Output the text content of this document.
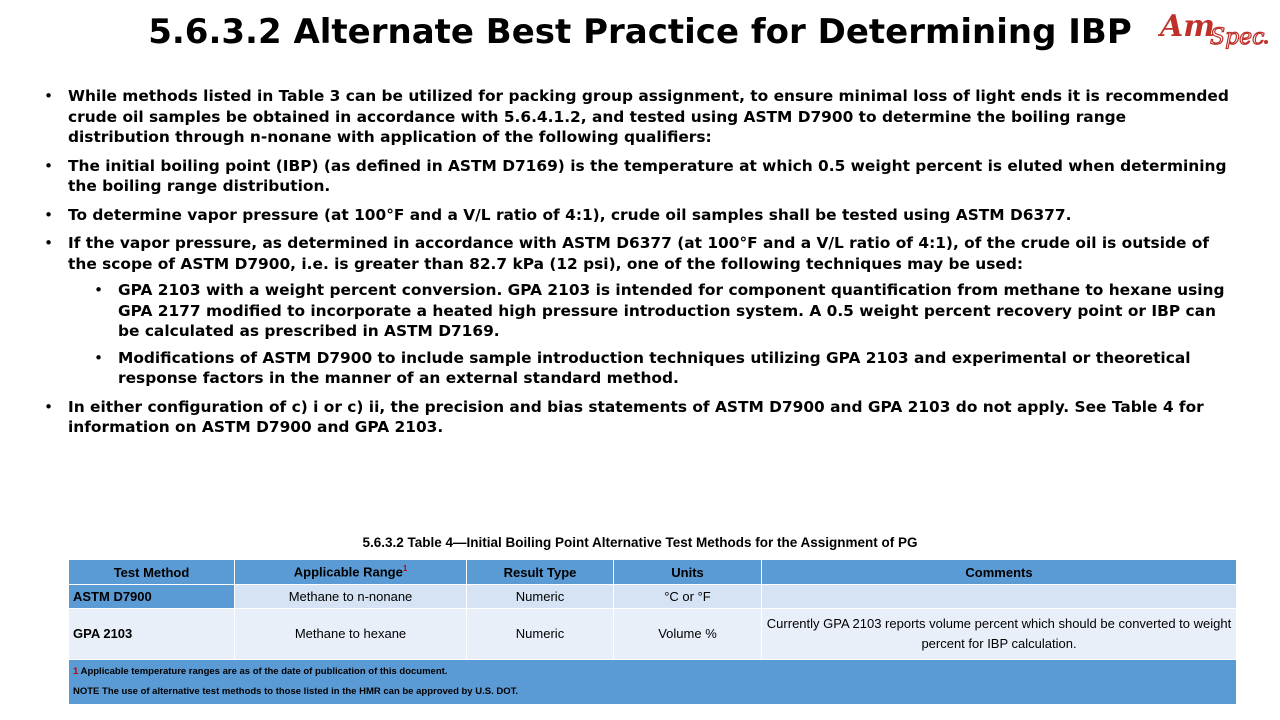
5.6.3.2 Alternate Best Practice for Determining IBP Am
Spec
• While methods listed in Table 3 can be utilized for packing group assignment, to ensure minimal loss of light ends it is recommended crude oil samples be obtained in accordance with 5.6.4.1.2, and tested using ASTM D7900 to determine the boiling range distribution through n-nonane with application of the following qualifiers:
• The initial boiling point (IBP) (as defined in ASTM D7169) is the temperature at which 0.5 weight percent is eluted when determining the boiling range distribution.
• To determine vapor pressure (at 100°F and a V/L ratio of 4:1), crude oil samples shall be tested using ASTM D6377.
• If the vapor pressure, as determined in accordance with ASTM D6377 (at 100°F and a V/L ratio of 4:1), of the crude oil is outside of the scope of ASTM D7900, i.e. is greater than 82.7 kPa (12 psi), one of the following techniques may be used:
• GPA 2103 with a weight percent conversion. GPA 2103 is intended for component quantification from methane to hexane using GPA 2177 modified to incorporate a heated high pressure introduction system. A 0.5 weight percent recovery point or IBP can be calculated as prescribed in ASTM D7169.
• Modifications of ASTM D7900 to include sample introduction techniques utilizing GPA 2103 and experimental or theoretical response factors in the manner of an external standard method.
• In either configuration of c) i or c) ii, the precision and bias statements of ASTM D7900 and GPA 2103 do not apply. See Table 4 for information on ASTM D7900 and GPA 2103.
5.6.3.2 Table 4—Initial Boiling Point Alternative Test Methods for the Assignment of PG
Test Method	Applicable Range$^1$	Result Type	Units	Comments
ASTM D7900	Methane to n-nonane	Numeric	°C or °F	
GPA 2103	Methane to hexane	Numeric	Volume %	Currently GPA 2103 reports volume percent which should be converted to weight percent for IBP calculation.

1 Applicable temperature ranges are as of the date of publication of this document.
NOTE The use of alternative test methods to those listed in the HMR can be approved by U.S. DOT.				
